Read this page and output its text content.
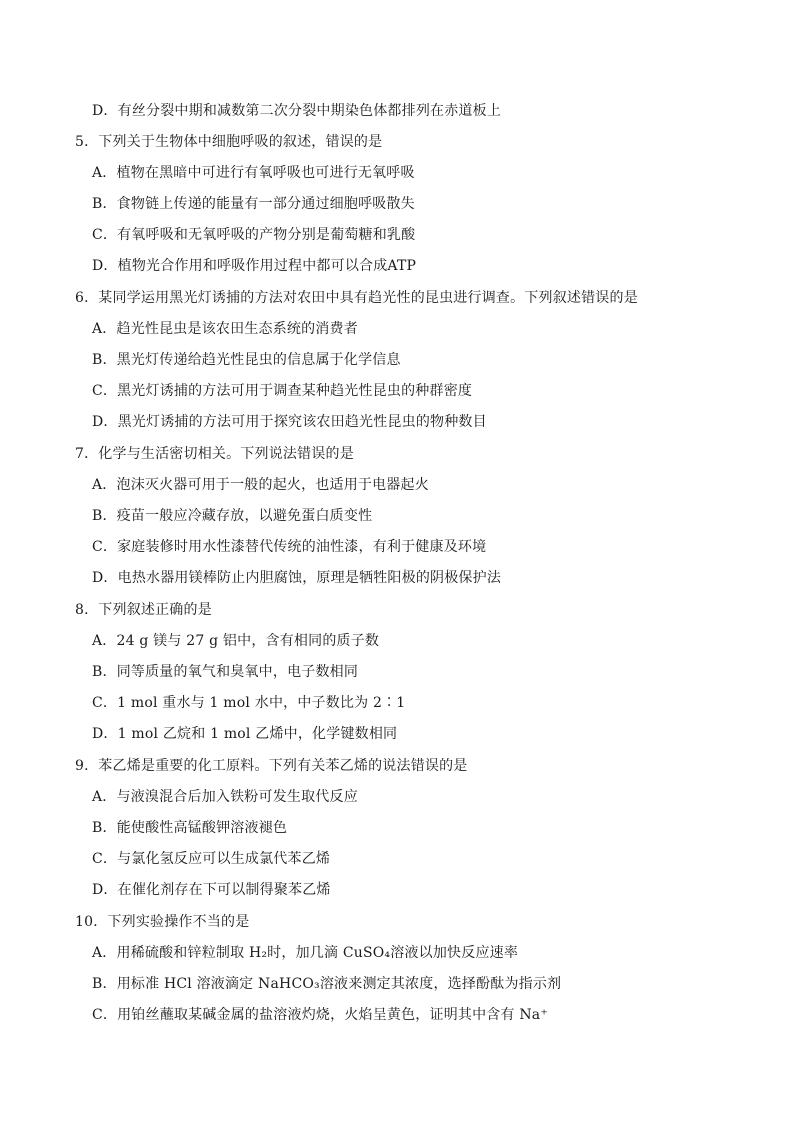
D．有丝分裂中期和减数第二次分裂中期染色体都排列在赤道板上
5．下列关于生物体中细胞呼吸的叙述，错误的是
A．植物在黑暗中可进行有氧呼吸也可进行无氧呼吸
B．食物链上传递的能量有一部分通过细胞呼吸散失
C．有氧呼吸和无氧呼吸的产物分别是葡萄糖和乳酸
D．植物光合作用和呼吸作用过程中都可以合成ATP
6．某同学运用黑光灯诱捕的方法对农田中具有趋光性的昆虫进行调查。下列叙述错误的是
A．趋光性昆虫是该农田生态系统的消费者
B．黑光灯传递给趋光性昆虫的信息属于化学信息
C．黑光灯诱捕的方法可用于调查某种趋光性昆虫的种群密度
D．黑光灯诱捕的方法可用于探究该农田趋光性昆虫的物种数目
7．化学与生活密切相关。下列说法错误的是
A．泡沫灭火器可用于一般的起火，也适用于电器起火
B．疫苗一般应冷藏存放，以避免蛋白质变性
C．家庭装修时用水性漆替代传统的油性漆，有利于健康及环境
D．电热水器用镁棒防止内胆腐蚀，原理是牺牲阳极的阴极保护法
8．下列叙述正确的是
A．24 g 镁与 27 g 铝中，含有相同的质子数
B．同等质量的氧气和臭氧中，电子数相同
C．1 mol 重水与 1 mol 水中，中子数比为 2∶1
D．1 mol 乙烷和 1 mol 乙烯中，化学键数相同
9．苯乙烯是重要的化工原料。下列有关苯乙烯的说法错误的是
A．与液溴混合后加入铁粉可发生取代反应
B．能使酸性高锰酸钾溶液褪色
C．与氯化氢反应可以生成氯代苯乙烯
D．在催化剂存在下可以制得聚苯乙烯
10．下列实验操作不当的是
A．用稀硫酸和锌粒制取 H₂时，加几滴 CuSO₄溶液以加快反应速率
B．用标准 HCl 溶液滴定 NaHCO₃溶液来测定其浓度，选择酚酞为指示剂
C．用铂丝蘸取某碱金属的盐溶液灼烧，火焰呈黄色，证明其中含有 Na⁺
